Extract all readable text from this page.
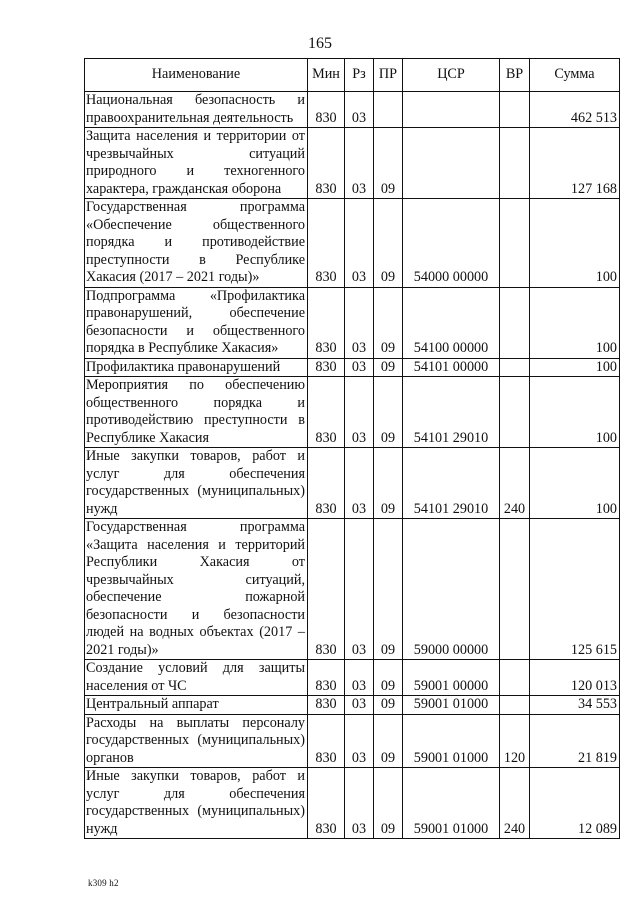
165
Наименование	Мин	Рз	ПР	ЦСР	ВР	Сумма
Национальная безопасность и правоохранительная деятельность	830	03				462 513
Защита населения и территории от чрезвычайных ситуаций природного и техногенного характера, гражданская оборона	830	03	09			127 168
Государственная программа «Обеспечение общественного порядка и противодействие преступности в Республике Хакасия (2017 – 2021 годы)»	830	03	09	54000 00000		100
Подпрограмма «Профилактика правонарушений, обеспечение безопасности и общественного порядка в Республике Хакасия»	830	03	09	54100 00000		100
Профилактика правонарушений	830	03	09	54101 00000		100
Мероприятия по обеспечению общественного порядка и противодействию преступности в Республике Хакасия	830	03	09	54101 29010		100
Иные закупки товаров, работ и услуг для обеспечения государственных (муниципальных) нужд	830	03	09	54101 29010	240	100
Государственная программа «Защита населения и территорий Республики Хакасия от чрезвычайных ситуаций, обеспечение пожарной безопасности и безопасности людей на водных объектах (2017 – 2021 годы)»	830	03	09	59000 00000		125 615
Создание условий для защиты населения от ЧС	830	03	09	59001 00000		120 013
Центральный аппарат	830	03	09	59001 01000		34 553
Расходы на выплаты персоналу государственных (муниципальных) органов	830	03	09	59001 01000	120	21 819
Иные закупки товаров, работ и услуг для обеспечения государственных (муниципальных) нужд	830	03	09	59001 01000	240	12 089
k309 h2
